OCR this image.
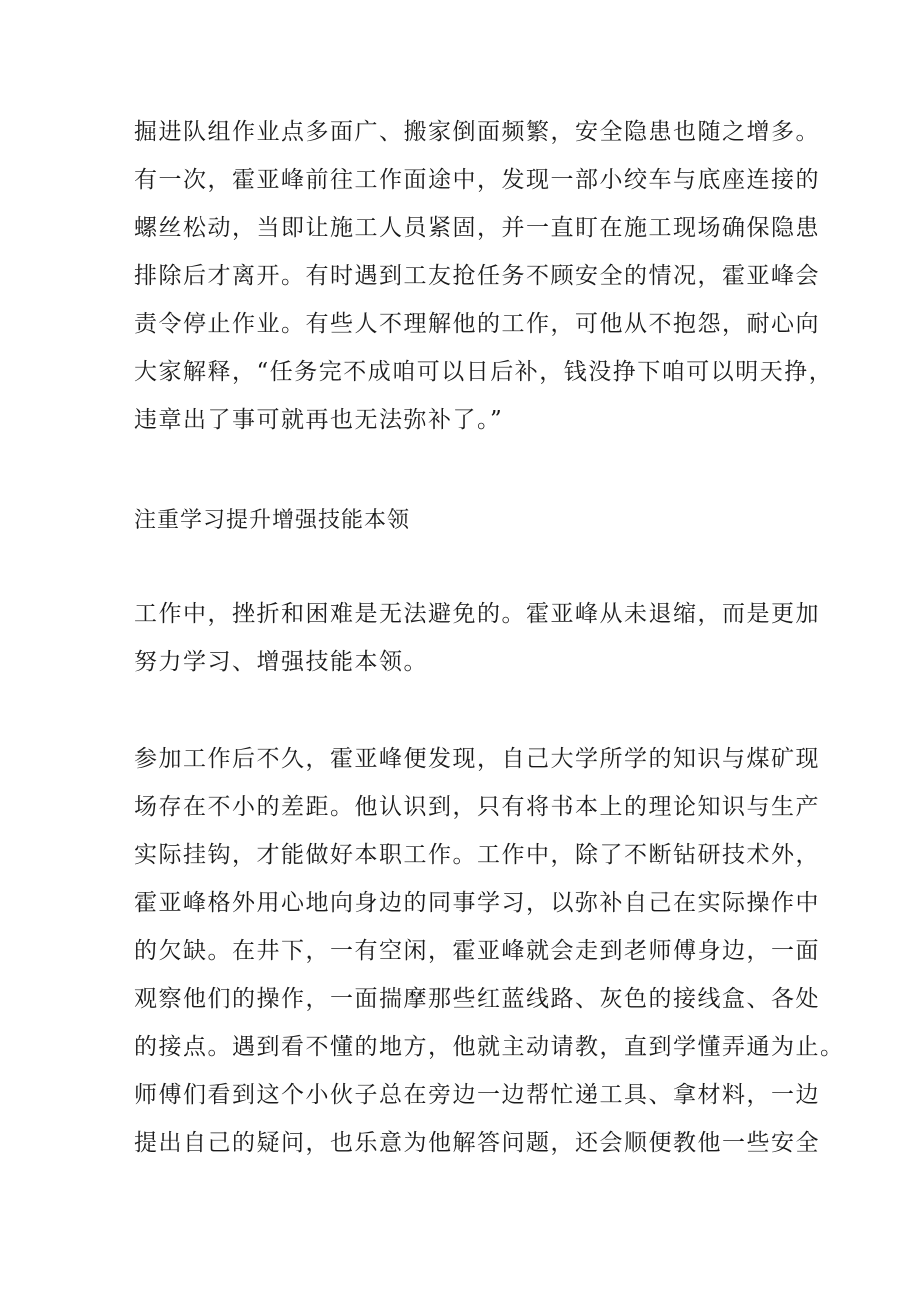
掘进队组作业点多面广、搬家倒面频繁，安全隐患也随之增多。
有一次，霍亚峰前往工作面途中，发现一部小绞车与底座连接的
螺丝松动，当即让施工人员紧固，并一直盯在施工现场确保隐患
排除后才离开。有时遇到工友抢任务不顾安全的情况，霍亚峰会
责令停止作业。有些人不理解他的工作，可他从不抱怨，耐心向
大家解释，“任务完不成咱可以日后补，钱没挣下咱可以明天挣，
违章出了事可就再也无法弥补了。”
注重学习提升增强技能本领
工作中，挫折和困难是无法避免的。霍亚峰从未退缩，而是更加
努力学习、增强技能本领。
参加工作后不久，霍亚峰便发现，自己大学所学的知识与煤矿现
场存在不小的差距。他认识到，只有将书本上的理论知识与生产
实际挂钩，才能做好本职工作。工作中，除了不断钻研技术外，
霍亚峰格外用心地向身边的同事学习，以弥补自己在实际操作中
的欠缺。在井下，一有空闲，霍亚峰就会走到老师傅身边，一面
观察他们的操作，一面揣摩那些红蓝线路、灰色的接线盒、各处
的接点。遇到看不懂的地方，他就主动请教，直到学懂弄通为止。
师傅们看到这个小伙子总在旁边一边帮忙递工具、拿材料，一边
提出自己的疑问，也乐意为他解答问题，还会顺便教他一些安全
